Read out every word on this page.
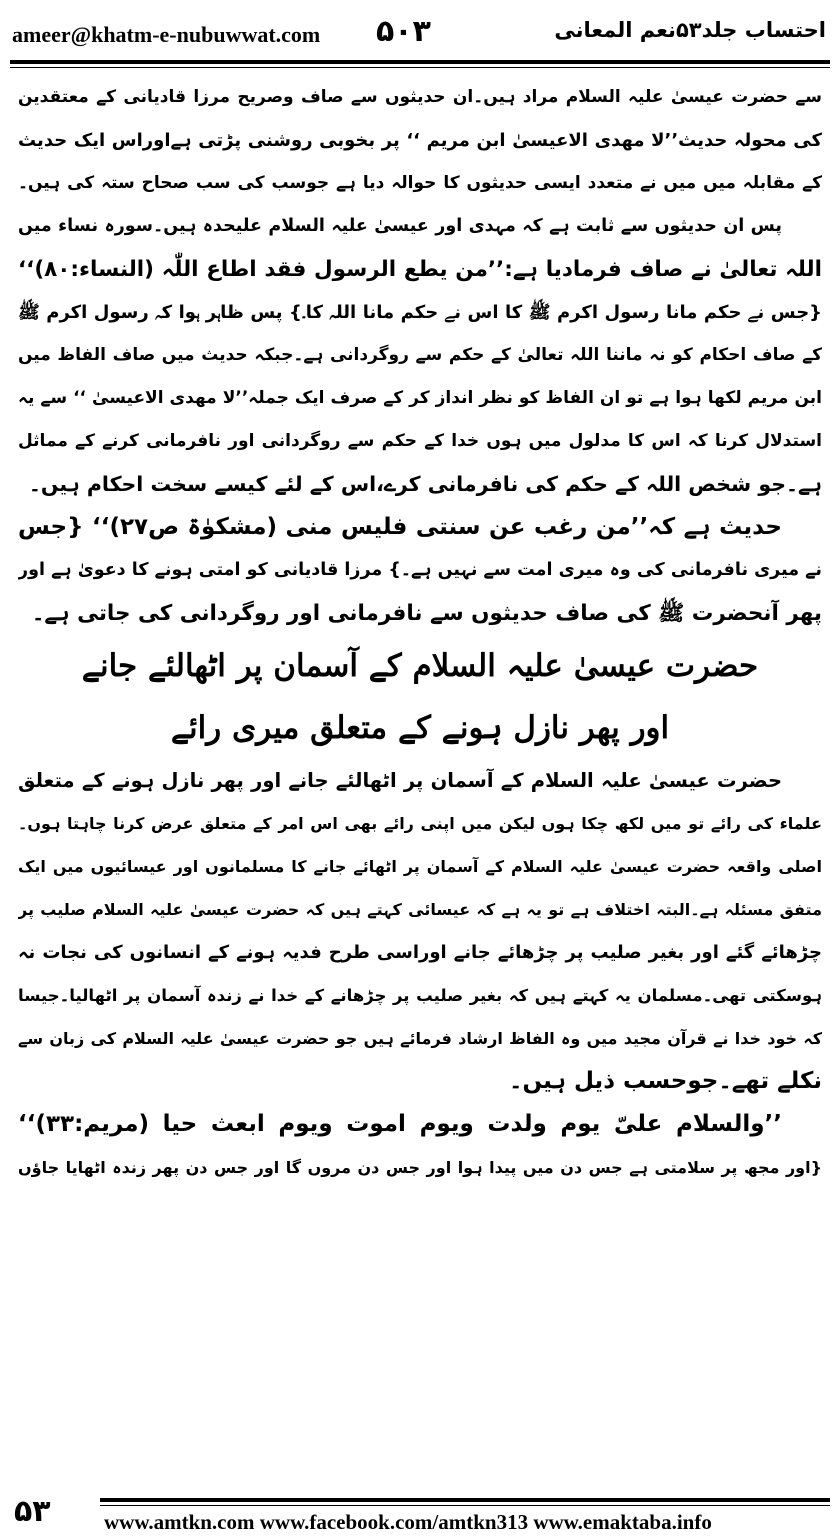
ameer@khatm-e-nubuwwat.com ۵۰۳	احتساب جلد۵۳نعم المعانی
سے حضرت عیسیٰ علیہ السلام مراد ہیں۔ان حدیثوں سے صاف وصریح مرزا قادیانی کے معتقدین
کی محولہ حدیث’’لا مھدی الاعیسیٰ ابن مریم ‘‘ پر بخوبی روشنی پڑتی ہےاوراس ایک حدیث
کے مقابلہ میں میں نے متعدد ایسی حدیثوں کا حوالہ دیا ہے جوسب کی سب صحاح ستہ کی ہیں۔
پس ان حدیثوں سے ثابت ہے کہ مہدی اور عیسیٰ علیہ السلام علیحدہ ہیں۔سورہ نساء میں
اللہ تعالیٰ نے صاف فرمادیا ہے:’’من یطع الرسول فقد اطاع اللّٰہ (النساء:۸۰)‘‘
{جس نے حکم مانا رسول اکرم ﷺ کا اس نے حکم مانا اللہ کا۔} پس ظاہر ہوا کہ رسول اکرم ﷺ
کے صاف احکام کو نہ ماننا اللہ تعالیٰ کے حکم سے روگردانی ہے۔جبکہ حدیث میں صاف الفاظ میں
ابن مریم لکھا ہوا ہے تو ان الفاظ کو نظر انداز کر کے صرف ایک جملہ’’لا مھدی الاعیسیٰ ‘‘ سے یہ
استدلال کرنا کہ اس کا مدلول میں ہوں خدا کے حکم سے روگردانی اور نافرمانی کرنے کے مماثل
ہے۔جو شخص اللہ کے حکم کی نافرمانی کرے،اس کے لئے کیسے سخت احکام ہیں۔
حدیث ہے کہ’’من رغب عن سنتی فلیس منی (مشکوٰۃ ص۲۷)‘‘ {جس
نے میری نافرمانی کی وہ میری امت سے نہیں ہے۔} مرزا قادیانی کو امتی ہونے کا دعویٰ ہے اور
پھر آنحضرت ﷺ کی صاف حدیثوں سے نافرمانی اور روگردانی کی جاتی ہے۔
حضرت عیسیٰ علیہ السلام کے آسمان پر اٹھالئے جانے
اور پھر نازل ہونے کے متعلق میری رائے
حضرت عیسیٰ علیہ السلام کے آسمان پر اٹھالئے جانے اور پھر نازل ہونے کے متعلق
علماء کی رائے تو میں لکھ چکا ہوں لیکن میں اپنی رائے بھی اس امر کے متعلق عرض کرنا چاہتا ہوں۔
اصلی واقعہ حضرت عیسیٰ علیہ السلام کے آسمان پر اٹھائے جانے کا مسلمانوں اور عیسائیوں میں ایک
متفق مسئلہ ہے۔البتہ اختلاف ہے تو یہ ہے کہ عیسائی کہتے ہیں کہ حضرت عیسیٰ علیہ السلام صلیب پر
چڑھائے گئے اور بغیر صلیب پر چڑھائے جانے اوراسی طرح فدیہ ہونے کے انسانوں کی نجات نہ
ہوسکتی تھی۔مسلمان یہ کہتے ہیں کہ بغیر صلیب پر چڑھانے کے خدا نے زندہ آسمان پر اٹھالیا۔جیسا
کہ خود خدا نے قرآن مجید میں وہ الفاظ ارشاد فرمائے ہیں جو حضرت عیسیٰ علیہ السلام کی زبان سے
نکلے تھے۔جوحسب ذیل ہیں۔
’’والسلام علیّ یوم ولدت ویوم اموت ویوم ابعث حیا (مریم:۳۳)‘‘
{اور مجھ پر سلامتی ہے جس دن میں پیدا ہوا اور جس دن مروں گا اور جس دن پھر زندہ اٹھایا جاؤں
۵۳	www.amtkn.com www.facebook.com/amtkn313 www.emaktaba.info
